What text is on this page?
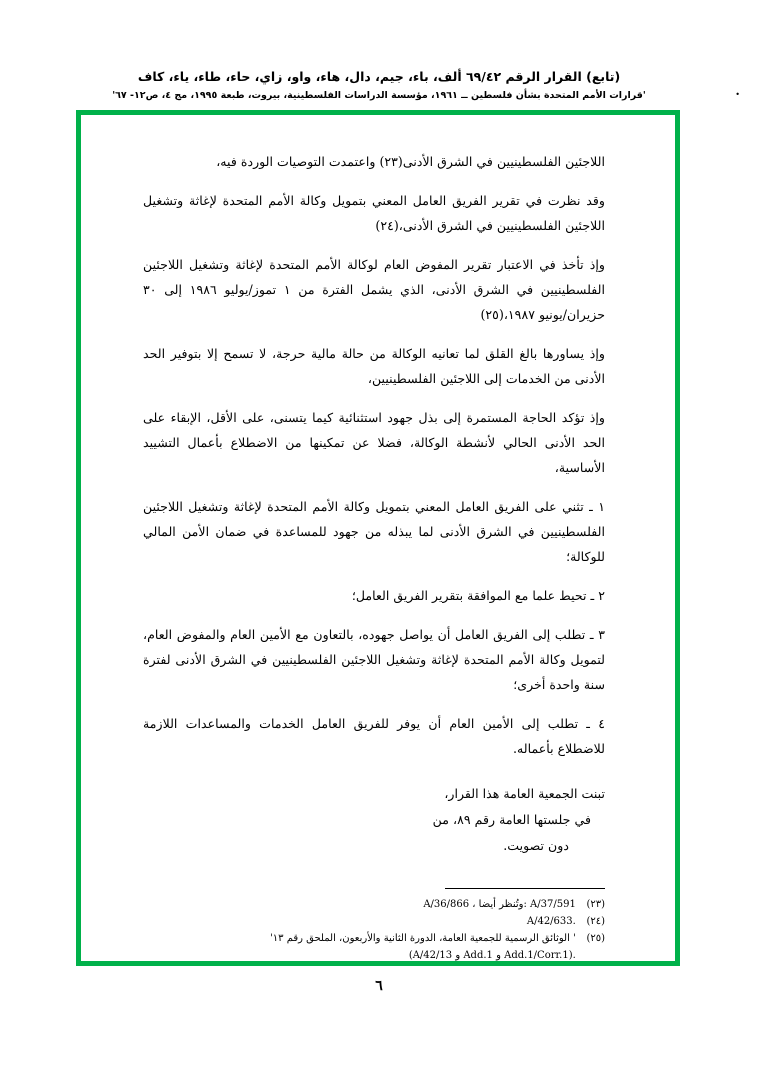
(تابع) القرار الرقم ٦٩/٤٢ ألف، باء، جيم، دال، هاء، واو، زاي، حاء، طاء، ياء، كاف
'قرارات الأمم المتحدة بشأن فلسطين ــ ١٩٦١، مؤسسة الدراسات الفلسطينية، بيروت، طبعة ١٩٩٥، مج ٤، ص١٢- ٦٧'	•

اللاجئين الفلسطينيين في الشرق الأدنى(٢٣) واعتمدت التوصيات الوردة فيه،

وقد نظرت في تقرير الفريق العامل المعني بتمويل وكالة الأمم المتحدة لإغاثة وتشغيل اللاجئين الفلسطينيين في الشرق الأدنى،(٢٤)

وإذ تأخذ في الاعتبار تقرير المفوض العام لوكالة الأمم المتحدة لإغاثة وتشغيل اللاجئين الفلسطينيين في الشرق الأدنى، الذي يشمل الفترة من ١ تموز/يوليو ١٩٨٦ إلى ٣٠ حزيران/يونيو ١٩٨٧،(٢٥)

وإذ يساورها بالغ القلق لما تعانيه الوكالة من حالة مالية حرجة، لا تسمح إلا بتوفير الحد الأدنى من الخدمات إلى اللاجئين الفلسطينيين،

وإذ تؤكد الحاجة المستمرة إلى بذل جهود استثنائية كيما يتسنى، على الأقل، الإبقاء على الحد الأدنى الحالي لأنشطة الوكالة، فضلا عن تمكينها من الاضطلاع بأعمال التشييد الأساسية،

١ ـ تثني على الفريق العامل المعني بتمويل وكالة الأمم المتحدة لإغاثة وتشغيل اللاجئين الفلسطينيين في الشرق الأدنى لما يبذله من جهود للمساعدة في ضمان الأمن المالي للوكالة؛

٢ ـ تحيط علما مع الموافقة بتقرير الفريق العامل؛

٣ ـ تطلب إلى الفريق العامل أن يواصل جهوده، بالتعاون مع الأمين العام والمفوض العام، لتمويل وكالة الأمم المتحدة لإغاثة وتشغيل اللاجئين الفلسطينيين في الشرق الأدنى لفترة سنة واحدة أخرى؛

٤ ـ تطلب إلى الأمين العام أن يوفر للفريق العامل الخدمات والمساعدات اللازمة للاضطلاع بأعماله.

تبنت الجمعية العامة هذا القرار،
في جلستها العامة رقم ٨٩، من
دون تصويت.
(٢٣) A/36/866 ، وتُنظر أيضا: A/37/591
(٢٤) A/42/633.
(٢٥) ' الوثائق الرسمية للجمعية العامة، الدورة الثانية والأربعون، الملحق رقم ١٣'
(A/42/13 و Add.1 و Add.1/Corr.1).
٦
